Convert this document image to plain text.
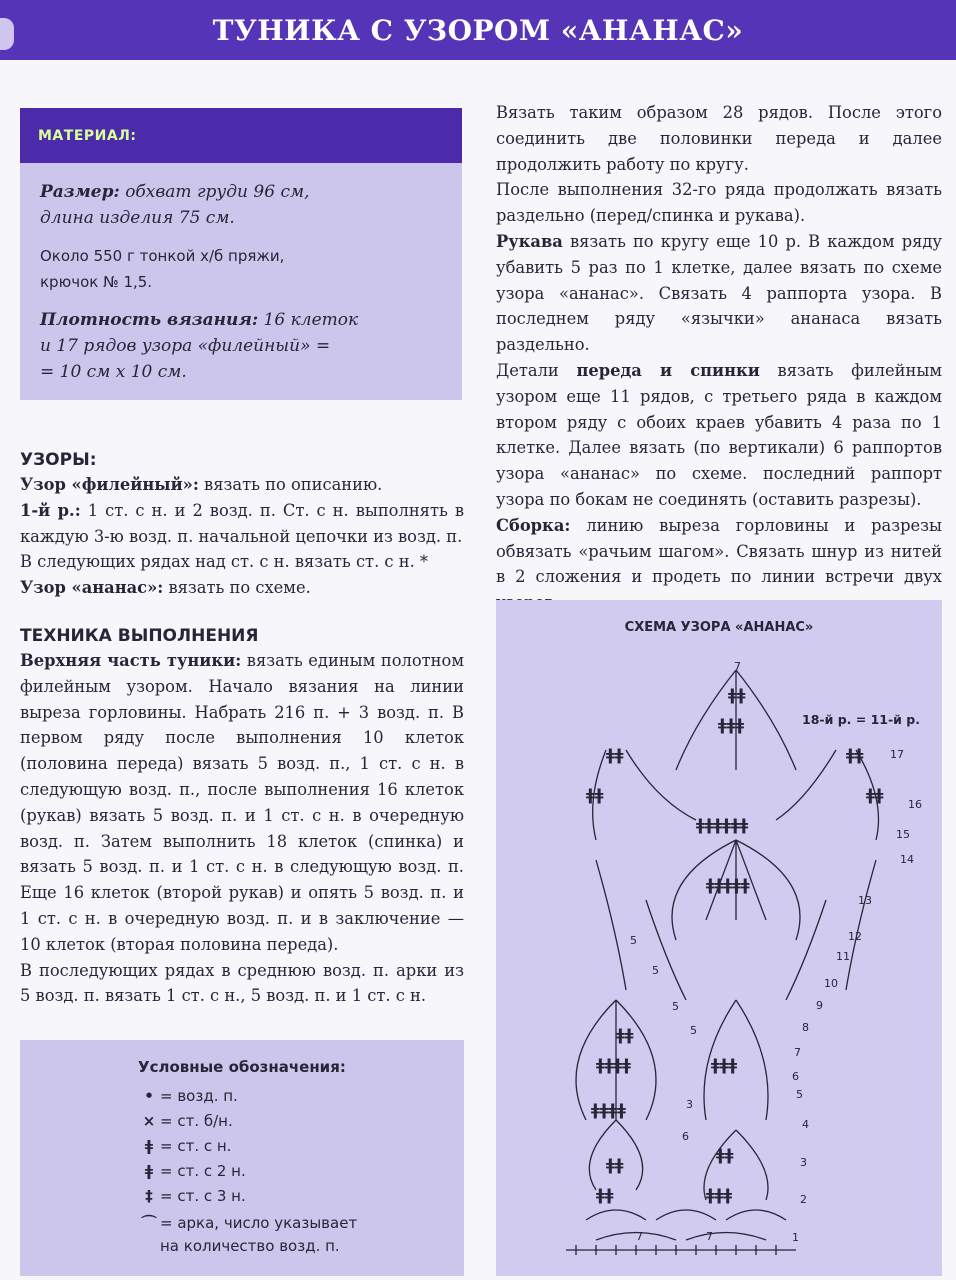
ТУНИКА С УЗОРОМ «АНАНАС»
МАТЕРИАЛ:

Размер: обхват груди 96 см,
длина изделия 75 см.

Около 550 г тонкой х/б пряжи,
крючок № 1,5.

Плотность вязания: 16 клеток
и 17 рядов узора «филейный» =
= 10 см х 10 см.

УЗОРЫ:

Узор «филейный»: вязать по описанию.

1-й р.: 1 ст. с н. и 2 возд. п. Ст. с н. выполнять в каждую 3-ю возд. п. начальной цепочки из возд. п.

В следующих рядах над ст. с н. вязать ст. с н. *

Узор «ананас»: вязать по схеме.

ТЕХНИКА ВЫПОЛНЕНИЯ

Верхняя часть туники: вязать единым полотном филейным узором. Начало вязания на линии выреза горловины. Набрать 216 п. + 3 возд. п. В первом ряду после выполнения 10 клеток (половина переда) вязать 5 возд. п., 1 ст. с н. в следующую возд. п., после выполнения 16 клеток (рукав) вязать 5 возд. п. и 1 ст. с н. в очередную возд. п. Затем выполнить 18 клеток (спинка) и вязать 5 возд. п. и 1 ст. с н. в следующую возд. п. Еще 16 клеток (второй рукав) и опять 5 возд. п. и 1 ст. с н. в очередную возд. п. и в заключение — 10 клеток (вторая половина переда).

В последующих рядах в среднюю возд. п. арки из 5 возд. п. вязать 1 ст. с н., 5 возд. п. и 1 ст. с н.

Вязать таким образом 28 рядов. После этого соединить две половинки переда и далее продолжить работу по кругу.

После выполнения 32-го ряда продолжать вязать раздельно (перед/спинка и рукава).

Рукава вязать по кругу еще 10 р. В каждом ряду убавить 5 раз по 1 клетке, далее вязать по схеме узора «ананас». Связать 4 раппорта узора. В последнем ряду «язычки» ананаса вязать раздельно.

Детали переда и спинки вязать филейным узором еще 11 рядов, с третьего ряда в каждом втором ряду с обоих краев убавить 4 раза по 1 клетке. Далее вязать (по вертикали) 6 раппортов узора «ананас» по схеме. последний раппорт узора по бокам не соединять (оставить разрезы).

Сборка: линию выреза горловины и разрезы обвязать «рачьим шагом». Связать шнур из нитей в 2 сложения и продеть по линии встречи двух

Условные обозначения:
• = возд. п.
× = ст. б/н.
ǂ = ст. с н.
ǂ = ст. с 2 н.
‡ = ст. с 3 н.
⌒ = арка, число указывает
на количество возд. п.
ǂǂ
ǂǂǂ
ǂǂ	ǂǂ
ǂǂ	ǂǂ
ǂǂǂǂǂǂ
ǂǂǂǂǂ
ǂǂ
ǂǂǂǂ	ǂǂǂ
ǂǂǂǂ
ǂǂ
ǂǂ
ǂǂǂ
ǂǂ
17
16
15
14
13
12
11
10
9
8
7
6
5
4
3
2
1
7
5
5
5
5
6
3
7	7
СХЕМА УЗОРА «АНАНАС»
18-й р. = 11-й р.
